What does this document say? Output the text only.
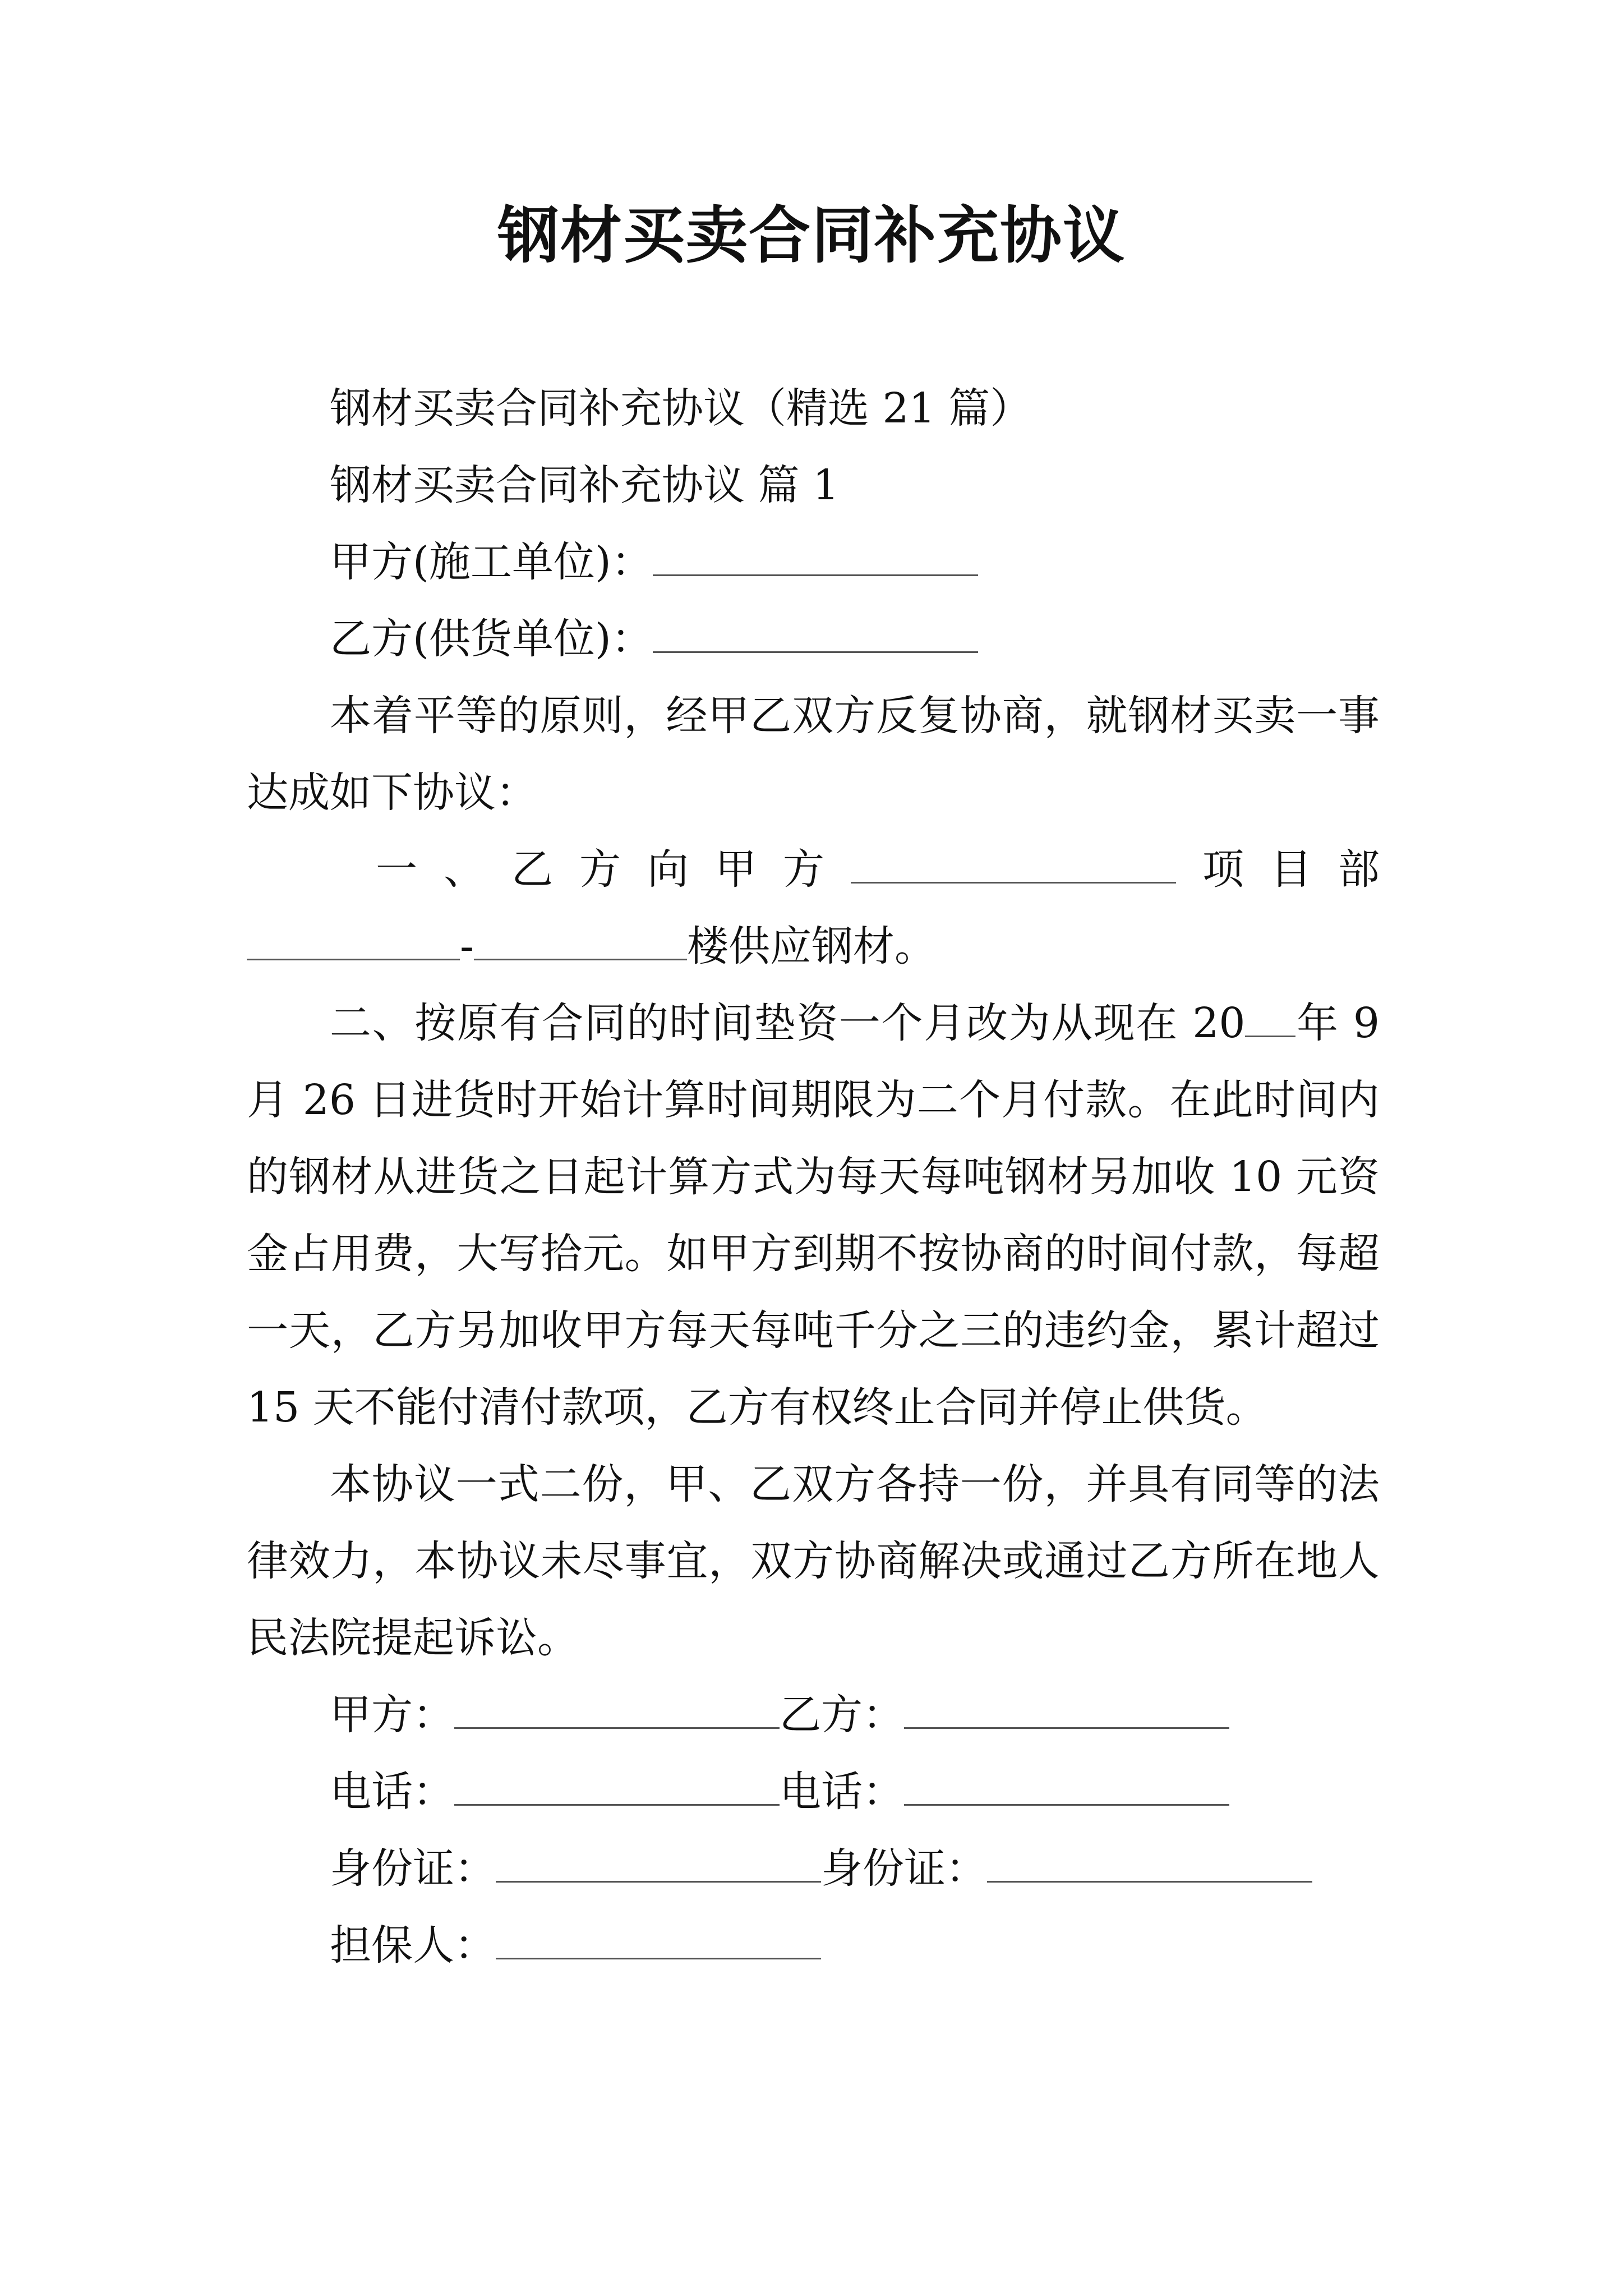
钢材买卖合同补充协议

钢材买卖合同补充协议（精选 21 篇）

钢材买卖合同补充协议 篇 1

甲方(施工单位)：

乙方(供货单位)：

本着平等的原则，经甲乙双方反复协商，就钢材买卖一事达成如下协议：

一 、 乙 方 向 甲 方	项 目 部

-	楼供应钢材。

二、按原有合同的时间垫资一个月改为从现在 20 年 9 月 26 日进货时开始计算时间期限为二个月付款。在此时间内的钢材从进货之日起计算方式为每天每吨钢材另加收 10 元资金占用费，大写拾元。如甲方到期不按协商的时间付款，每超一天，乙方另加收甲方每天每吨千分之三的违约金，累计超过 15 天不能付清付款项，乙方有权终止合同并停止供货。

本协议一式二份，甲、乙双方各持一份，并具有同等的法律效力，本协议未尽事宜，双方协商解决或通过乙方所在地人民法院提起诉讼。

甲方：	乙方：

电话：	电话：

身份证：	身份证：

担保人：
